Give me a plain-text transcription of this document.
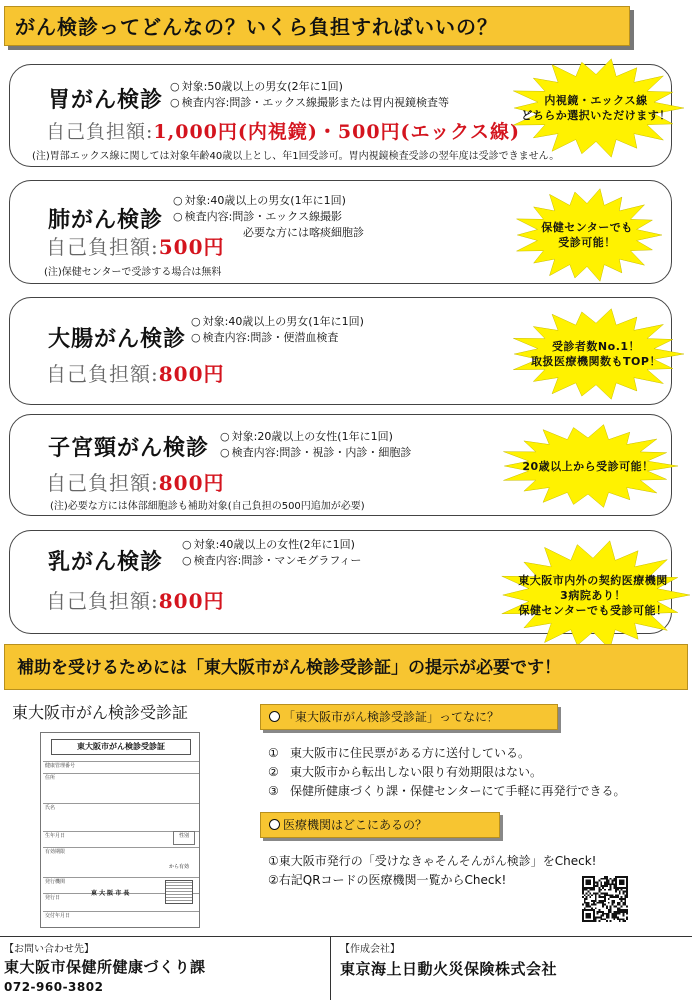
がん検診ってどんなの？いくら負担すればいいの？
胃がん検診
○ 対象:50歳以上の男女(2年に1回)
○ 検査内容:問診・エックス線撮影または胃内視鏡検査等
自己負担額:1,000円(内視鏡)・500円(エックス線)
(注)胃部エックス線に関しては対象年齢40歳以上とし、年1回受診可。胃内視鏡検査受診の翌年度は受診できません。
肺がん検診
○ 対象:40歳以上の男女(1年に1回)
○ 検査内容:問診・エックス線撮影
必要な方には喀痰細胞診
自己負担額:500円
(注)保健センターで受診する場合は無料
大腸がん検診
○ 対象:40歳以上の男女(1年に1回)
○ 検査内容:問診・便潜血検査
自己負担額:800円
子宮頸がん検診
○	対象:20歳以上の女性(1年に1回)
○ 検査内容:問診・視診・内診・細胞診
自己負担額:800円
(注)必要な方には体部細胞診も補助対象(自己負担の500円追加が必要)
乳がん検診
○ 対象:40歳以上の女性(2年に1回)
○ 検査内容:問診・マンモグラフィー
自己負担額:800円
内視鏡・エックス線
どちらか選択いただけます！
保健センターでも
受診可能！
受診者数No.1！
取扱医療機関数もTOP！
20歳以上から受診可能！
東大阪市内外の契約医療機関
3病院あり！
保健センターでも受診可能！
補助を受けるためには「東大阪市がん検診受診証」の提示が必要です！
東大阪市がん検診受診証
東大阪市がん検診受診証
健康管理番号
住所
氏名
生年月日
有効期限
発行機関
発行日
交付年月日
性別
から有効
東 大 阪 市 長
「東大阪市がん検診受診証」ってなに？
① 東大阪市に住民票がある方に送付している。
② 東大阪市から転出しない限り有効期限はない。
③ 保健所健康づくり課・保健センターにて手軽に再発行できる。
医療機関はどこにあるの？
①東大阪市発行の「受けなきゃそんそんがん検診」をCheck!
②右記QRコードの医療機関一覧からCheck!
【お問い合わせ先】
東大阪市保健所健康づくり課
072-960-3802
【作成会社】
東京海上日動火災保険株式会社
